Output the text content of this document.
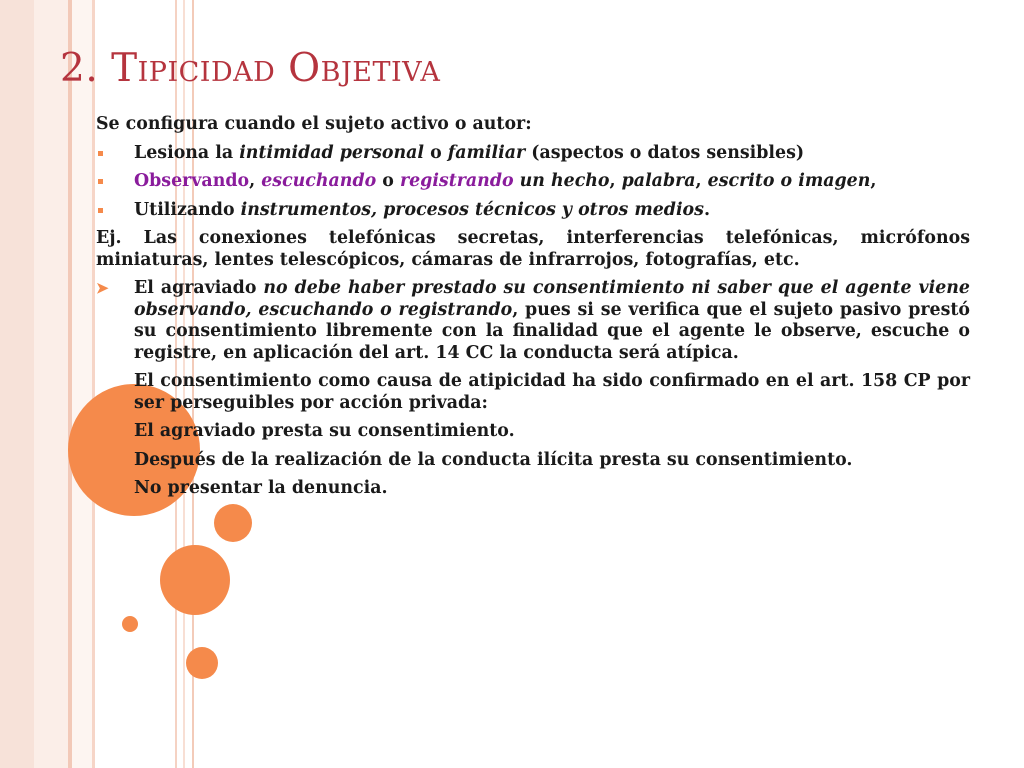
2. Tipicidad Objetiva

Se configura cuando el sujeto activo o autor:

Lesiona la intimidad personal o familiar (aspectos o datos sensibles)
Observando, escuchando o registrando un hecho, palabra, escrito o imagen,
Utilizando instrumentos, procesos técnicos y otros medios.

Ej. Las conexiones telefónicas secretas, interferencias telefónicas, micrófonos miniaturas, lentes telescópicos, cámaras de infrarrojos, fotografías, etc.

➤ El agraviado no debe haber prestado su consentimiento ni saber que el agente viene observando, escuchando o registrando, pues si se verifica que el sujeto pasivo prestó su consentimiento libremente con la finalidad que el agente le observe, escuche o registre, en aplicación del art. 14 CC la conducta será atípica.
El consentimiento como causa de atipicidad ha sido confirmado en el art. 158 CP por ser perseguibles por acción privada:
El agraviado presta su consentimiento.
Después de la realización de la conducta ilícita presta su consentimiento.
No presentar la denuncia.
